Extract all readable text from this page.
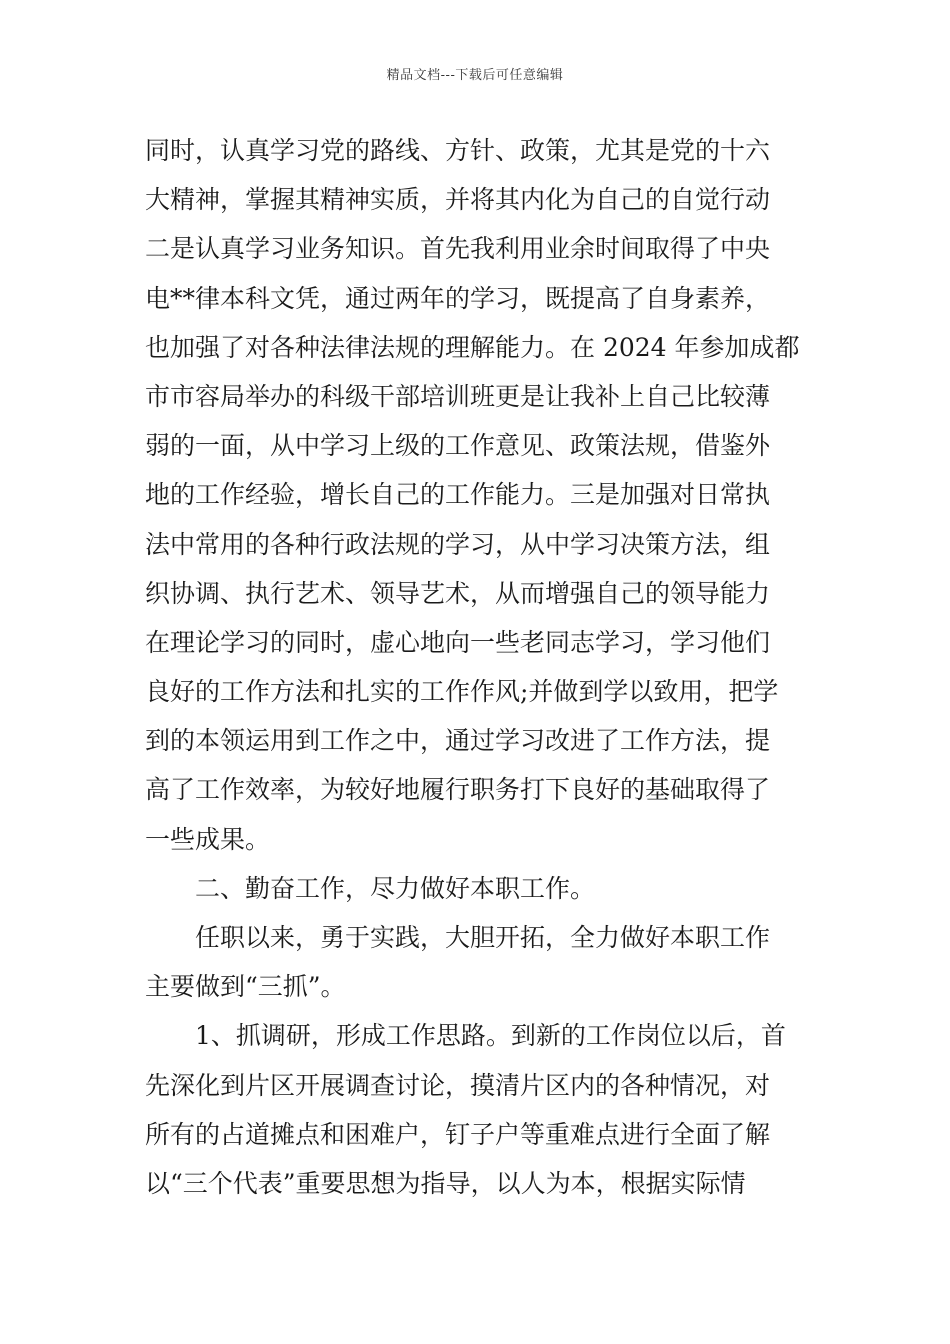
精品文档---下载后可任意编辑
同时，认真学习党的路线、方针、政策，尤其是党的十六
大精神，掌握其精神实质，并将其内化为自己的自觉行动
二是认真学习业务知识。首先我利用业余时间取得了中央
电**律本科文凭，通过两年的学习，既提高了自身素养，
也加强了对各种法律法规的理解能力。在 2024 年参加成都
市市容局举办的科级干部培训班更是让我补上自己比较薄
弱的一面，从中学习上级的工作意见、政策法规，借鉴外
地的工作经验，增长自己的工作能力。三是加强对日常执
法中常用的各种行政法规的学习，从中学习决策方法，组
织协调、执行艺术、领导艺术，从而增强自己的领导能力
在理论学习的同时，虚心地向一些老同志学习，学习他们
良好的工作方法和扎实的工作作风;并做到学以致用，把学
到的本领运用到工作之中，通过学习改进了工作方法，提
高了工作效率，为较好地履行职务打下良好的基础取得了
一些成果。
二、勤奋工作，尽力做好本职工作。
任职以来，勇于实践，大胆开拓，全力做好本职工作
主要做到“三抓”。
1、抓调研，形成工作思路。到新的工作岗位以后，首
先深化到片区开展调查讨论，摸清片区内的各种情况，对
所有的占道摊点和困难户，钉子户等重难点进行全面了解
以“三个代表”重要思想为指导，以人为本，根据实际情
